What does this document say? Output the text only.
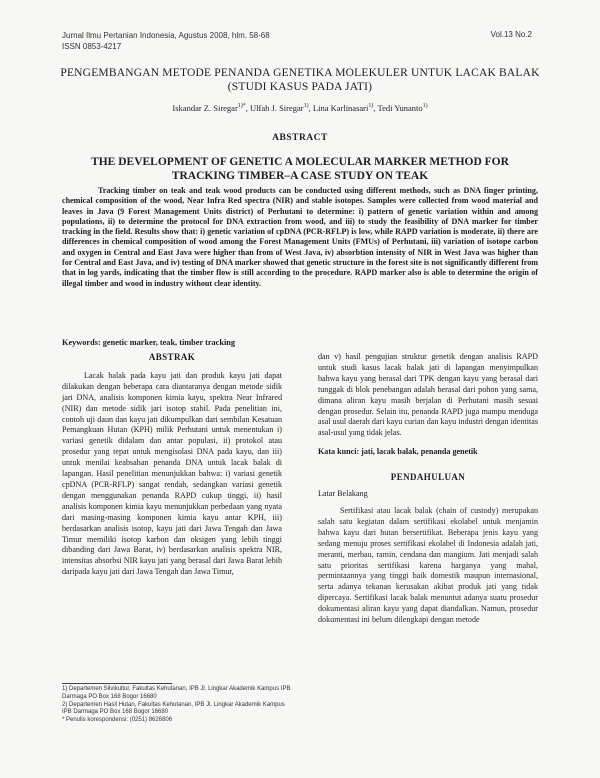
Jurnal Ilmu Pertanian Indonesia, Agustus 2008, hlm. 58-68
ISSN 0853-4217
Vol.13 No.2
PENGEMBANGAN METODE PENANDA GENETIKA MOLEKULER UNTUK LACAK BALAK (STUDI KASUS PADA JATI)
Iskandar Z. Siregar$^{1)*}$, Ulfah J. Siregar$^{1)}$, Lina Karlinasari$^{1)}$, Tedi Yunanto$^{1)}$
ABSTRACT
THE DEVELOPMENT OF GENETIC A MOLECULAR MARKER METHOD FOR TRACKING TIMBER–A CASE STUDY ON TEAK
Tracking timber on teak and teak wood products can be conducted using different methods, such as DNA finger printing, chemical composition of the wood, Near Infra Red spectra (NIR) and stable isotopes. Samples were collected from wood material and leaves in Java (9 Forest Management Units district) of Perhutani to determine: i) pattern of genetic variation within and among populations, ii) to determine the protocol for DNA extraction from wood, and iii) to study the feasibility of DNA marker for timber tracking in the field. Results show that: i) genetic variation of cpDNA (PCR-RFLP) is low, while RAPD variation is moderate, ii) there are differences in chemical composition of wood among the Forest Management Units (FMUs) of Perhutani, iii) variation of isotope carbon and oxygen in Central and East Java were higher than from of West Java, iv) absorbtion intensity of NIR in West Java was higher than for Central and East Java, and iv) testing of DNA marker showed that genetic structure in the forest site is not significantly different from that in log yards, indicating that the timber flow is still according to the procedure. RAPD marker also is able to determine the origin of illegal timber and wood in industry without clear identity.
Keywords: genetic marker, teak, timber tracking
ABSTRAK

Lacak balak pada kayu jati dan produk kayu jati dapat dilakukan dengan beberapa cara diantaranya dengan metode sidik jari DNA, analisis komponen kimia kayu, spektra Near Infrared (NIR) dan metode sidik jari isotop stabil. Pada penelitian ini, contoh uji daun dan kayu jati dikumpulkan dari sembilan Kesatuan Pemangkuan Hutan (KPH) milik Perhutani untuk menentukan i) variasi genetik didalam dan antar populasi, ii) protokol atau prosedur yang tepat untuk mengisolasi DNA pada kayu, dan iii) untuk menilai keabsahan penanda DNA untuk lacak balak di lapangan. Hasil penelitian menunjukkan bahwa: i) variasi genetik cpDNA (PCR-RFLP) sangat rendah, sedangkan variasi genetik dengan menggunakan penanda RAPD cukup tinggi, ii) hasil analisis komponen kimia kayu menunjukkan perbedaan yang nyata dari masing-masing komponen kimia kayu antar KPH, iii) berdasarkan analisis isotop, kayu jati dari Jawa Tengah dan Jawa Timur memiliki isotop karbon dan oksigen yang lebih tinggi dibanding dari Jawa Barat, iv) berdasarkan analisis spektra NIR, intensitas absorbsi NIR kayu jati yang berasal dari Jawa Barat lebih daripada kayu jati dari Jawa Tengah dan Jawa Timur,

dan v) hasil pengujian struktur genetik dengan analisis RAPD untuk studi kasus lacak balak jati di lapangan menyimpulkan bahwa kayu yang berasal dari TPK dengan kayu yang berasal dari tunggak di blok penebangan adalah berasal dari pohon yang sama, dimana aliran kayu masih berjalan di Perhutani masih sesuai dengan prosedur. Selain itu, penanda RAPD juga mampu menduga asal usul daerah dari kayu curian dan kayu industri dengan identitas asal-usul yang tidak jelas.

Kata kunci: jati, lacak balak, penanda genetik

PENDAHULUAN
Latar Belakang

Sertifikasi atau lacak balak (chain of custody) merupakan salah satu kegiatan dalam sertifikasi ekolabel untuk menjamin bahwa kayu dari hutan bersertifikat. Beberapa jenis kayu yang sedang menuju proses sertifikasi ekolabel di Indonesia adalah jati, meranti, merbau, ramin, cendana dan mangium. Jati menjadi salah satu prioritas sertifikasi karena harganya yang mahal, permintaannya yang tinggi baik domestik maupun internasional, serta adanya tekanan kerusakan akibat produk jati yang tidak dipercaya. Sertifikasi lacak balak menuntut adanya suatu prosedur dokumentasi aliran kayu yang dapat diandalkan. Namun, prosedur dokumentasi ini belum dilengkapi dengan metode

1) Departemen Silvikultur, Fakultas Kehutanan, IPB Jl. Lingkar Akademik Kampus IPB Darmaga PO Box 168 Bogor 16680

2) Departemen Hasil Hutan, Fakultas Kehutanan, IPB Jl. Lingkar Akademik Kampus IPB Darmaga PO Box 168 Bogor 16680

* Penulis korespondensi: (0251) 8626806
